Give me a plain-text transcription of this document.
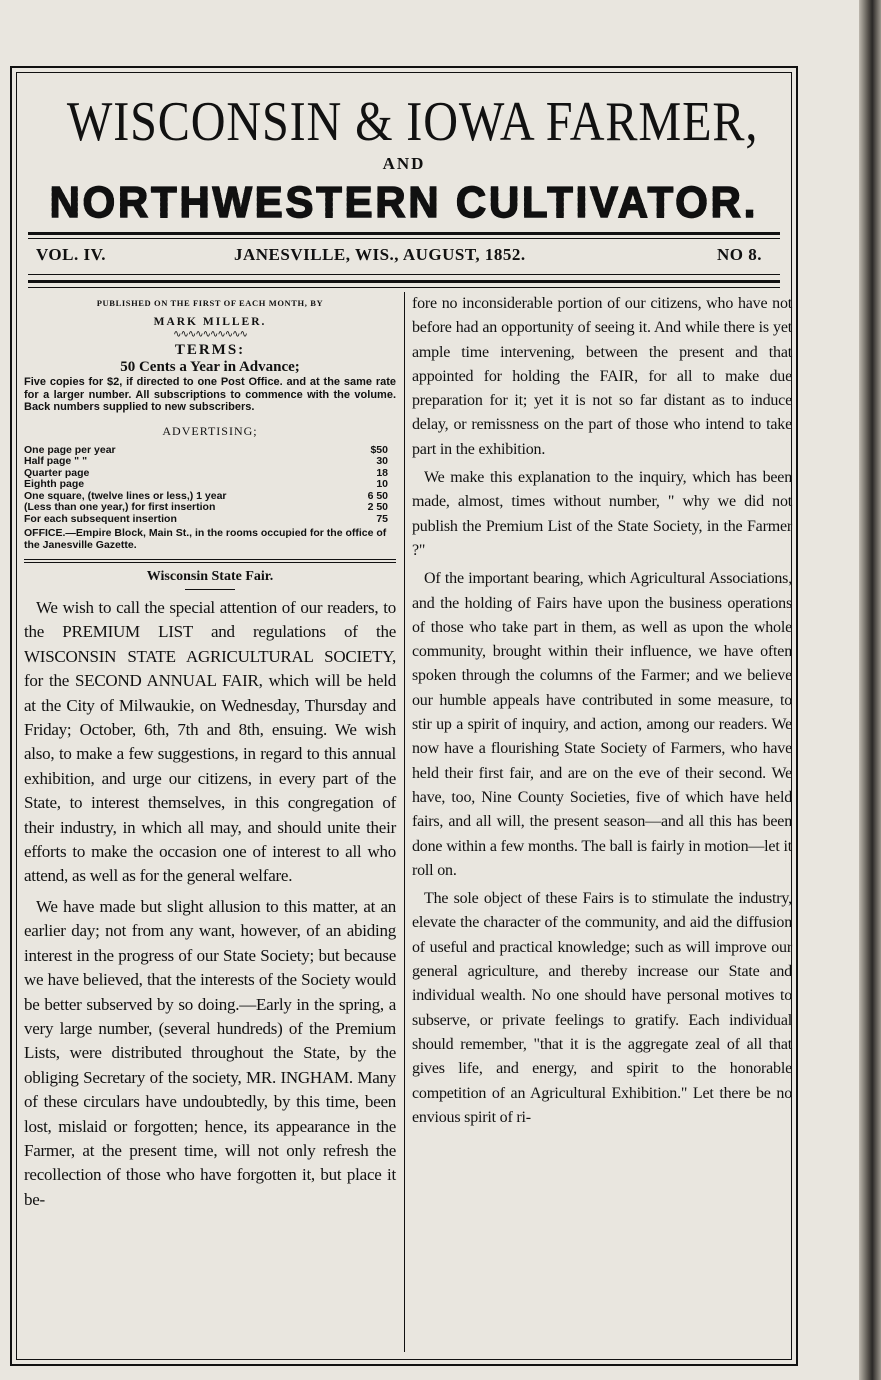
WISCONSIN & IOWA FARMER,
AND
NORTHWESTERN CULTIVATOR.
VOL. IV.	JANESVILLE, WIS., AUGUST, 1852.	NO 8.
PUBLISHED ON THE FIRST OF EACH MONTH, BY
MARK MILLER.
∿∿∿∿∿∿∿∿∿∿
TERMS:
50 Cents a Year in Advance;
Five copies for $2, if directed to one Post Office. and at the same rate for a larger number. All subscriptions to commence with the volume. Back numbers supplied to new subscribers.
ADVERTISING;
One page per year	$50
Half page " "	30
Quarter page	18
Eighth page	10
One square, (twelve lines or less,) 1 year	6 50
(Less than one year,) for first insertion	2 50
For each subsequent insertion	75
OFFICE.—Empire Block, Main St., in the rooms occupied for the office of the Janesville Gazette.
Wisconsin State Fair.

We wish to call the special attention of our readers, to the PREMIUM LIST and regulations of the WISCONSIN STATE AGRICULTURAL SOCIETY, for the SECOND ANNUAL FAIR, which will be held at the City of Milwaukie, on Wednesday, Thursday and Friday; October, 6th, 7th and 8th, ensuing. We wish also, to make a few suggestions, in regard to this annual exhibition, and urge our citizens, in every part of the State, to interest themselves, in this congregation of their industry, in which all may, and should unite their efforts to make the occasion one of interest to all who attend, as well as for the general welfare.

We have made but slight allusion to this matter, at an earlier day; not from any want, however, of an abiding interest in the progress of our State Society; but because we have believed, that the interests of the Society would be better subserved by so doing.—Early in the spring, a very large number, (several hundreds) of the Premium Lists, were distributed throughout the State, by the obliging Secretary of the society, MR. INGHAM. Many of these circulars have undoubtedly, by this time, been lost, mislaid or forgotten; hence, its appearance in the Farmer, at the present time, will not only refresh the recollection of those who have forgotten it, but place it be-

fore no inconsiderable portion of our citizens, who have not before had an opportunity of seeing it. And while there is yet ample time intervening, between the present and that appointed for holding the FAIR, for all to make due preparation for it; yet it is not so far distant as to induce delay, or remissness on the part of those who intend to take part in the exhibition.

We make this explanation to the inquiry, which has been made, almost, times without number, " why we did not publish the Premium List of the State Society, in the Farmer ?"

Of the important bearing, which Agricultural Associations, and the holding of Fairs have upon the business operations of those who take part in them, as well as upon the whole community, brought within their influence, we have often spoken through the columns of the Farmer; and we believe our humble appeals have contributed in some measure, to stir up a spirit of inquiry, and action, among our readers. We now have a flourishing State Society of Farmers, who have held their first fair, and are on the eve of their second. We have, too, Nine County Societies, five of which have held fairs, and all will, the present season—and all this has been done within a few months. The ball is fairly in motion—let it roll on.

The sole object of these Fairs is to stimulate the industry, elevate the character of the community, and aid the diffusion of useful and practical knowledge; such as will improve our general agriculture, and thereby increase our State and individual wealth. No one should have personal motives to subserve, or private feelings to gratify. Each individual should remember, "that it is the aggregate zeal of all that gives life, and energy, and spirit to the honorable competition of an Agricultural Exhibition." Let there be no envious spirit of ri-
